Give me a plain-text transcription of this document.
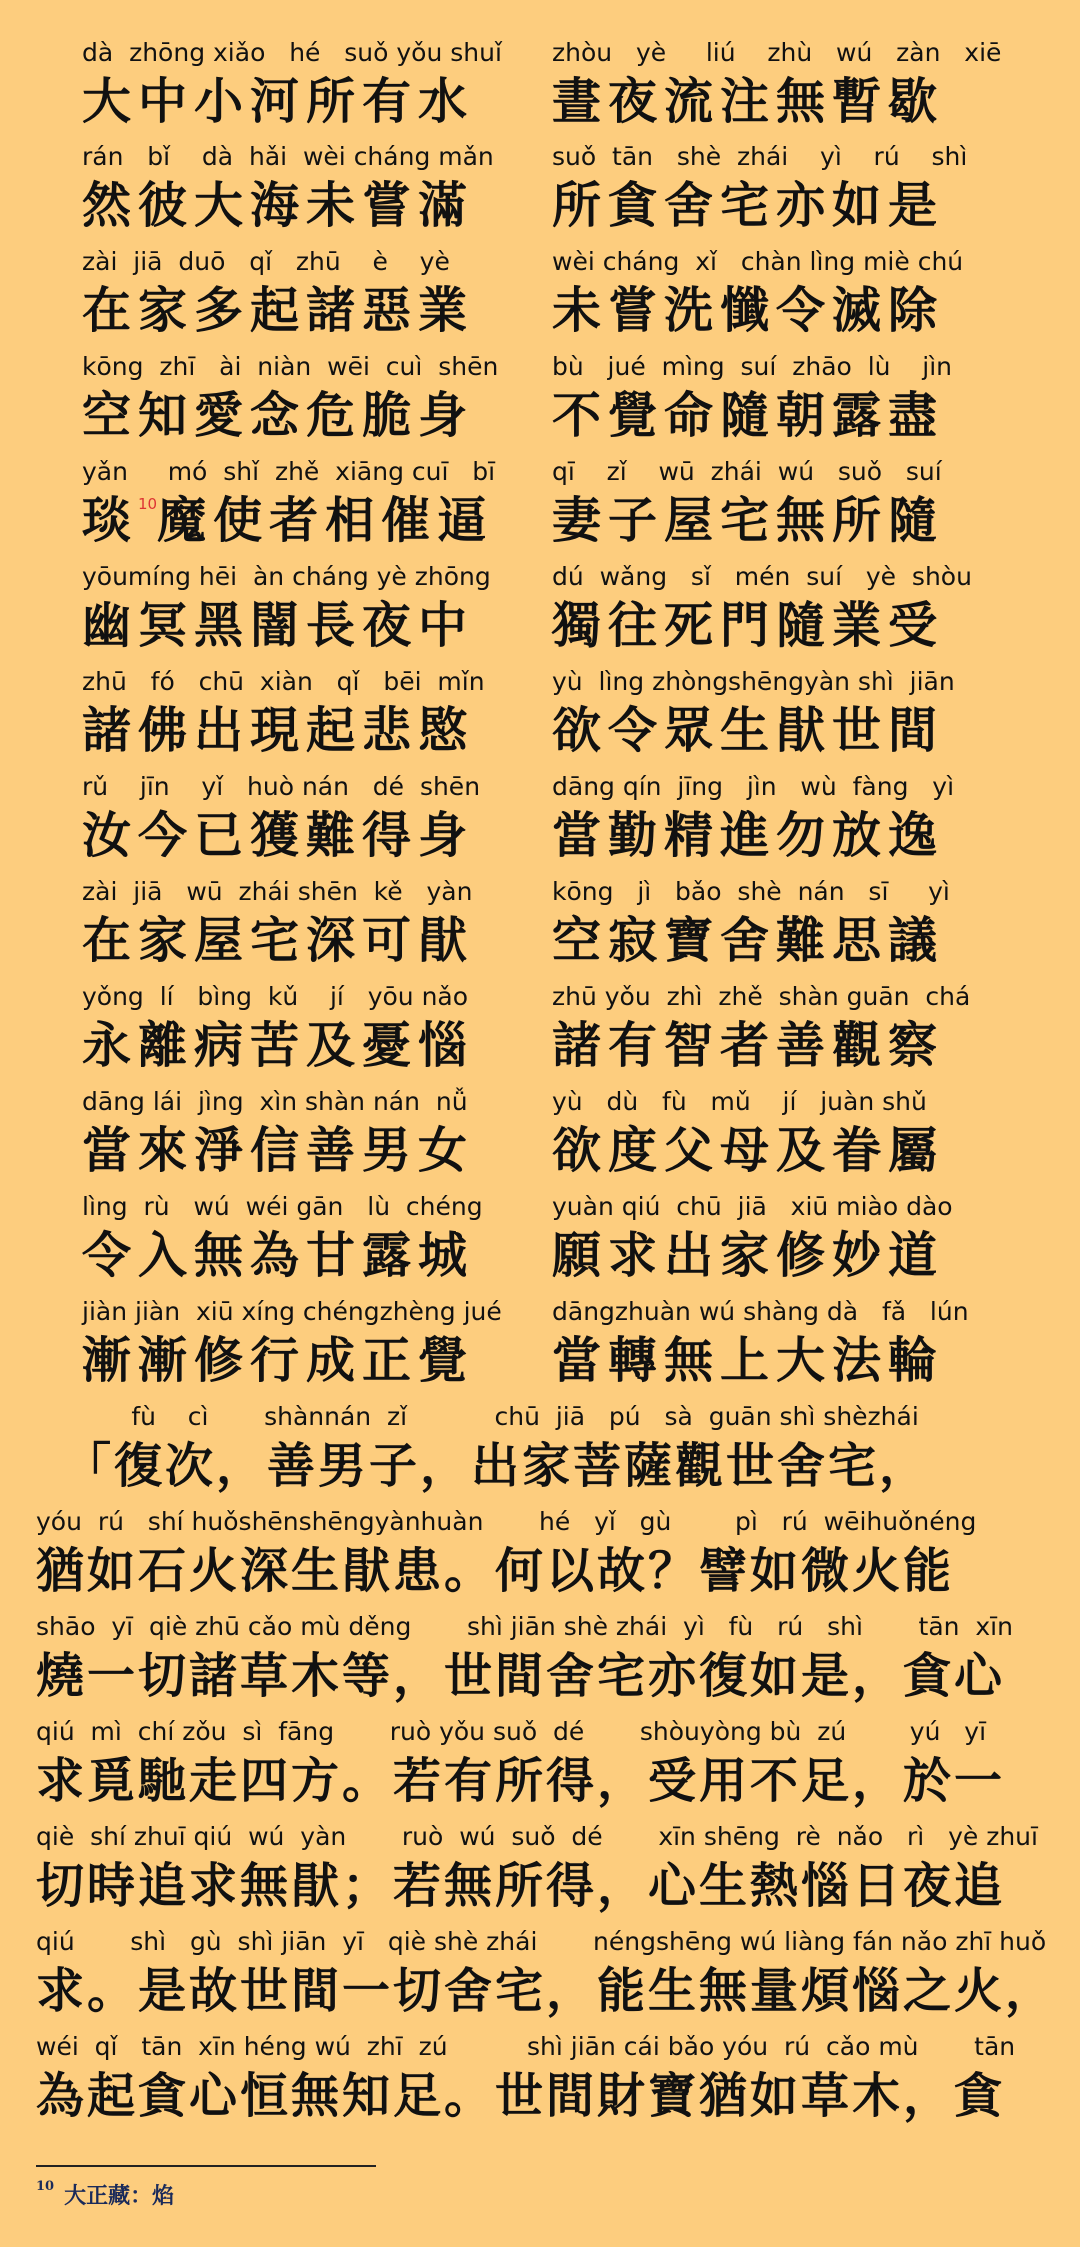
dà  zhōng xiǎo   hé   suǒ yǒu shuǐ
大中小河所有水
zhòu   yè     liú    zhù   wú   zàn   xiē
晝夜流注無暫歇
rán   bǐ    dà  hǎi  wèi cháng mǎn
然彼大海未嘗滿
suǒ  tān   shè  zhái    yì    rú    shì
所貪舍宅亦如是
zài  jiā  duō   qǐ   zhū    è    yè
在家多起諸惡業
wèi cháng  xǐ   chàn lìng miè chú
未嘗洗懺令滅除
kōng  zhī   ài  niàn  wēi  cuì  shēn
空知愛念危脆身
bù   jué  mìng  suí  zhāo  lù    jìn
不覺命隨朝露盡
yǎn     mó  shǐ  zhě  xiāng cuī   bī
琰10魔使者相催逼
qī    zǐ    wū  zhái  wú   suǒ   suí
妻子屋宅無所隨
yōumíng hēi  àn cháng yè zhōng
幽冥黑闇長夜中
dú  wǎng   sǐ   mén  suí   yè  shòu
獨往死門隨業受
zhū   fó   chū  xiàn   qǐ   bēi  mǐn
諸佛出現起悲愍
yù  lìng zhòngshēngyàn shì  jiān
欲令眾生猒世間
rǔ    jīn    yǐ   huò nán   dé  shēn
汝今已獲難得身
dāng qín  jīng   jìn   wù  fàng   yì
當勤精進勿放逸
zài  jiā   wū  zhái shēn  kě   yàn
在家屋宅深可猒
kōng   jì   bǎo  shè  nán   sī     yì
空寂寶舍難思議
yǒng  lí   bìng  kǔ    jí   yōu nǎo
永離病苦及憂惱
zhū yǒu  zhì  zhě  shàn guān  chá
諸有智者善觀察
dāng lái  jìng  xìn shàn nán  nǚ
當來淨信善男女
yù   dù   fù   mǔ    jí   juàn shǔ
欲度父母及眷屬
lìng  rù   wú  wéi gān   lù  chéng
令入無為甘露城
yuàn qiú  chū  jiā   xiū miào dào
願求出家修妙道
jiàn jiàn  xiū xíng chéngzhèng jué
漸漸修行成正覺
dāngzhuàn wú shàng dà   fǎ   lún
當轉無上大法輪
fù    cì       shànnán  zǐ           chū  jiā   pú   sà  guān shì shèzhái
　「復次，善男子，出家菩薩觀世舍宅，
yóu  rú   shí huǒshēnshēngyànhuàn       hé   yǐ   gù        pì   rú  wēihuǒnéng
猶如石火深生猒患。何以故？譬如微火能
shāo  yī  qiè zhū cǎo mù děng       shì jiān shè zhái  yì   fù   rú   shì       tān  xīn
燒一切諸草木等，世間舍宅亦復如是，貪心
qiú  mì  chí zǒu  sì  fāng       ruò yǒu suǒ  dé       shòuyòng bù  zú        yú   yī
求覓馳走四方。若有所得，受用不足，於一
qiè  shí zhuī qiú  wú  yàn       ruò  wú  suǒ  dé       xīn shēng  rè  nǎo   rì   yè zhuī
切時追求無猒；若無所得，心生熱惱日夜追
qiú       shì   gù  shì jiān  yī   qiè shè zhái       néngshēng wú liàng fán nǎo zhī huǒ
求。是故世間一切舍宅，能生無量煩惱之火，
wéi  qǐ   tān  xīn héng wú  zhī  zú          shì jiān cái bǎo yóu  rú  cǎo mù       tān
為起貪心恒無知足。世間財寶猶如草木，貪
$^{10}$ 大正藏：焰
